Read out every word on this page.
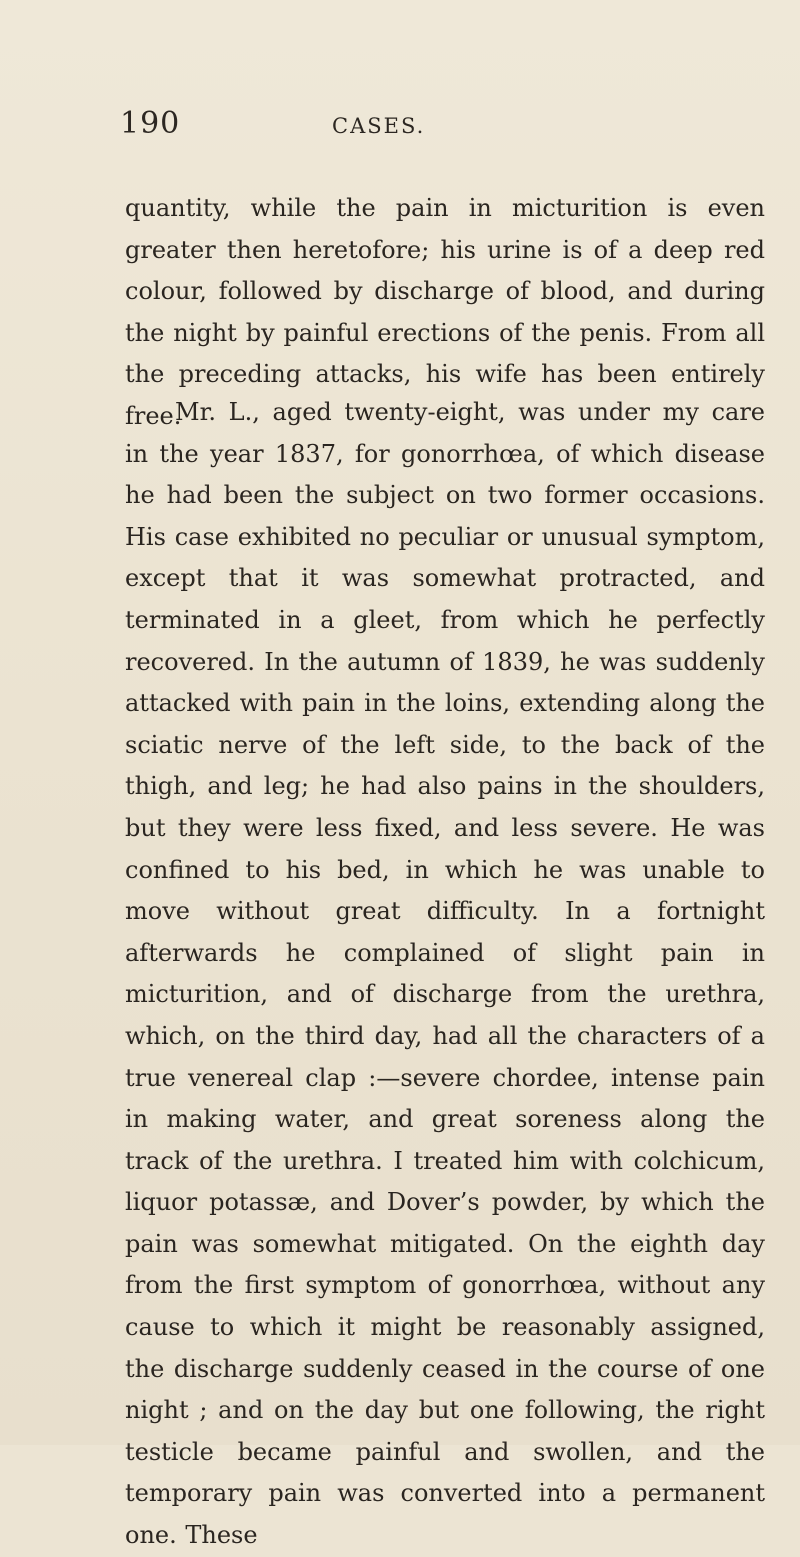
190	CASES.

quantity, while the pain in micturition is even greater then heretofore; his urine is of a deep red colour, followed by discharge of blood, and during the night by painful erections of the penis. From all the preceding attacks, his wife has been entirely free.

Mr. L., aged twenty-eight, was under my care in the year 1837, for gonorrhœa, of which disease he had been the subject on two former occasions. His case exhibited no peculiar or unusual symptom, except that it was somewhat protracted, and terminated in a gleet, from which he perfectly recovered. In the autumn of 1839, he was suddenly attacked with pain in the loins, extending along the sciatic nerve of the left side, to the back of the thigh, and leg; he had also pains in the shoulders, but they were less fixed, and less severe. He was confined to his bed, in which he was unable to move without great difficulty. In a fortnight afterwards he complained of slight pain in micturition, and of discharge from the urethra, which, on the third day, had all the characters of a true venereal clap :—severe chordee, intense pain in making water, and great soreness along the track of the urethra. I treated him with colchicum, liquor potassæ, and Dover’s powder, by which the pain was somewhat mitigated. On the eighth day from the first symptom of gonorrhœa, without any cause to which it might be reasonably assigned, the discharge suddenly ceased in the course of one night ; and on the day but one following, the right testicle became painful and swollen, and the temporary pain was converted into a permanent one. These
